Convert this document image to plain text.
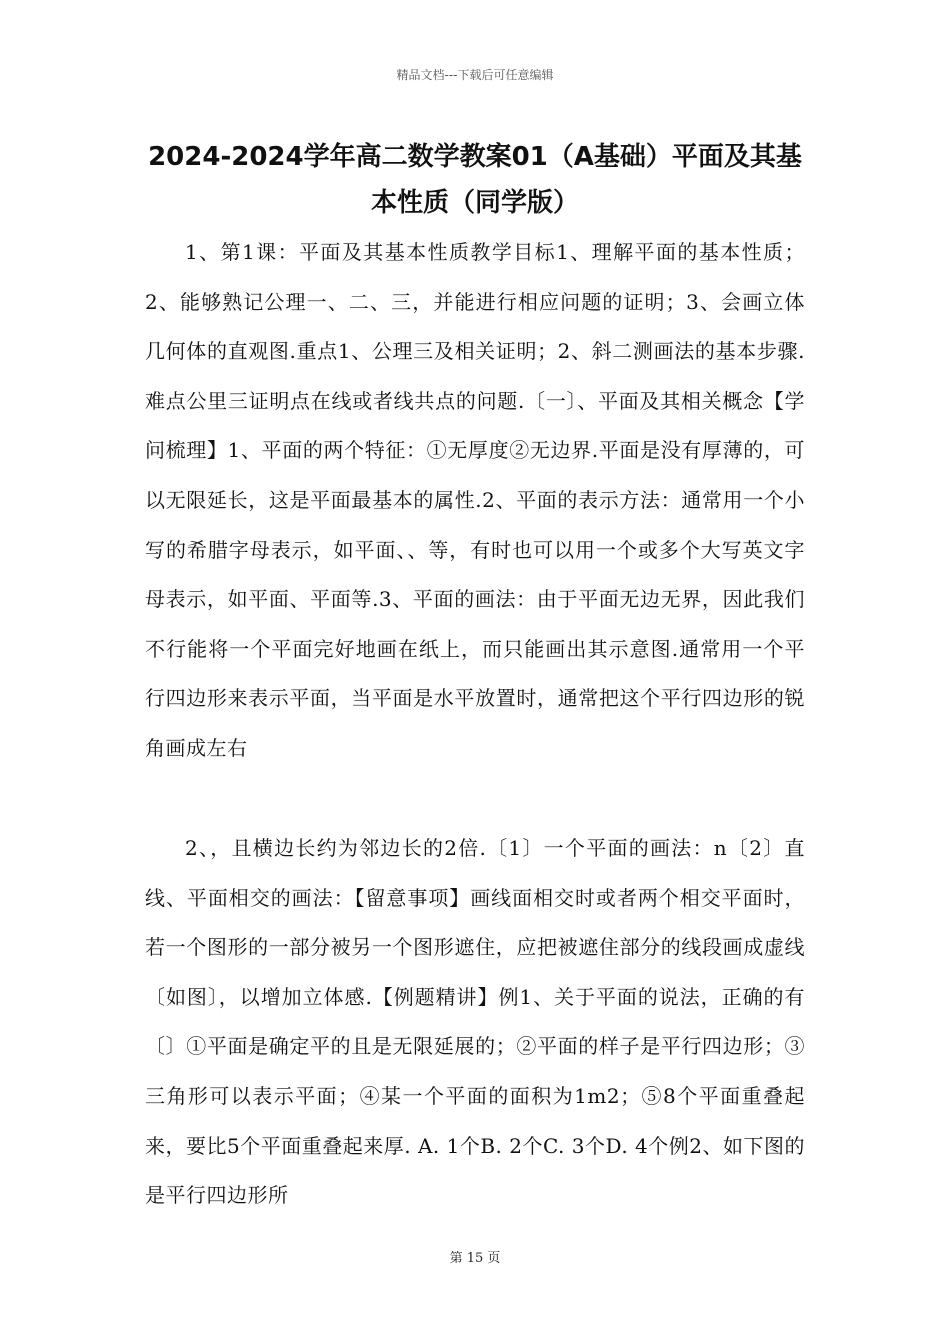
精品文档---下载后可任意编辑
2024-2024学年高二数学教案01（A基础）平面及其基本性质（同学版）

1、第1课：平面及其基本性质教学目标1、理解平面的基本性质；2、能够熟记公理一、二、三，并能进行相应问题的证明；3、会画立体几何体的直观图.重点1、公理三及相关证明；2、斜二测画法的基本步骤.难点公里三证明点在线或者线共点的问题.〔一〕、平面及其相关概念【学问梳理】1、平面的两个特征：①无厚度②无边界.平面是没有厚薄的，可以无限延长，这是平面最基本的属性.2、平面的表示方法：通常用一个小写的希腊字母表示，如平面、、等，有时也可以用一个或多个大写英文字母表示，如平面、平面等.3、平面的画法：由于平面无边无界，因此我们不行能将一个平面完好地画在纸上，而只能画出其示意图.通常用一个平行四边形来表示平面，当平面是水平放置时，通常把这个平行四边形的锐角画成左右

2、，且横边长约为邻边长的2倍.〔1〕一个平面的画法：n〔2〕直线、平面相交的画法：【留意事项】画线面相交时或者两个相交平面时，若一个图形的一部分被另一个图形遮住，应把被遮住部分的线段画成虚线〔如图〕，以增加立体感.【例题精讲】例1、关于平面的说法，正确的有〔〕①平面是确定平的且是无限延展的；②平面的样子是平行四边形；③三角形可以表示平面；④某一个平面的面积为1m2；⑤8个平面重叠起来，要比5个平面重叠起来厚. A. 1个B. 2个C. 3个D. 4个例2、如下图的是平行四边形所

第 15 页
